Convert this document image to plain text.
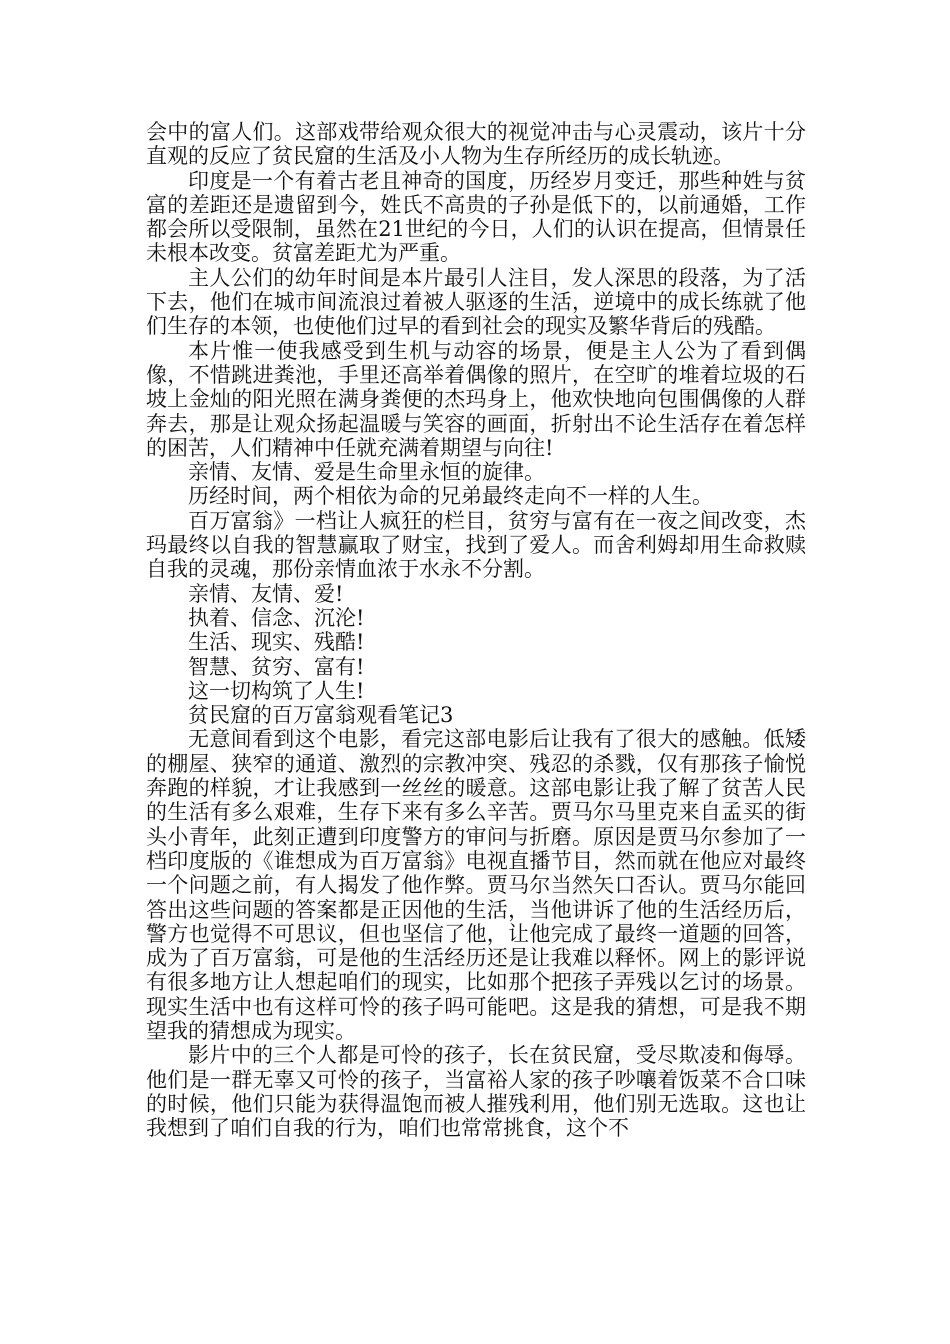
会中的富人们。这部戏带给观众很大的视觉冲击与心灵震动，该片十分直观的反应了贫民窟的生活及小人物为生存所经历的成长轨迹。

印度是一个有着古老且神奇的国度，历经岁月变迁，那些种姓与贫富的差距还是遗留到今，姓氏不高贵的子孙是低下的，以前通婚，工作都会所以受限制，虽然在21世纪的今日，人们的认识在提高，但情景任未根本改变。贫富差距尤为严重。

主人公们的幼年时间是本片最引人注目，发人深思的段落，为了活下去，他们在城市间流浪过着被人驱逐的生活，逆境中的成长练就了他们生存的本领，也使他们过早的看到社会的现实及繁华背后的残酷。

本片惟一使我感受到生机与动容的场景，便是主人公为了看到偶像，不惜跳进粪池，手里还高举着偶像的照片，在空旷的堆着垃圾的石坡上金灿的阳光照在满身粪便的杰玛身上，他欢快地向包围偶像的人群奔去，那是让观众扬起温暖与笑容的画面，折射出不论生活存在着怎样的困苦，人们精神中任就充满着期望与向往!

亲情、友情、爱是生命里永恒的旋律。

历经时间，两个相依为命的兄弟最终走向不一样的人生。

百万富翁》一档让人疯狂的栏目，贫穷与富有在一夜之间改变，杰玛最终以自我的智慧赢取了财宝，找到了爱人。而舍利姆却用生命救赎自我的灵魂，那份亲情血浓于水永不分割。

亲情、友情、爱!

执着、信念、沉沦!

生活、现实、残酷!

智慧、贫穷、富有!

这一切构筑了人生!

贫民窟的百万富翁观看笔记3

无意间看到这个电影，看完这部电影后让我有了很大的感触。低矮的棚屋、狭窄的通道、激烈的宗教冲突、残忍的杀戮，仅有那孩子愉悦奔跑的样貌，才让我感到一丝丝的暖意。这部电影让我了解了贫苦人民的生活有多么艰难，生存下来有多么辛苦。贾马尔马里克来自孟买的街头小青年，此刻正遭到印度警方的审问与折磨。原因是贾马尔参加了一档印度版的《谁想成为百万富翁》电视直播节目，然而就在他应对最终一个问题之前，有人揭发了他作弊。贾马尔当然矢口否认。贾马尔能回答出这些问题的答案都是正因他的生活，当他讲诉了他的生活经历后，警方也觉得不可思议，但也坚信了他，让他完成了最终一道题的回答，成为了百万富翁，可是他的生活经历还是让我难以释怀。网上的影评说有很多地方让人想起咱们的现实，比如那个把孩子弄残以乞讨的场景。现实生活中也有这样可怜的孩子吗可能吧。这是我的猜想，可是我不期望我的猜想成为现实。

影片中的三个人都是可怜的孩子，长在贫民窟，受尽欺凌和侮辱。他们是一群无辜又可怜的孩子，当富裕人家的孩子吵嚷着饭菜不合口味的时候，他们只能为获得温饱而被人摧残利用，他们别无选取。这也让我想到了咱们自我的行为，咱们也常常挑食，这个不
